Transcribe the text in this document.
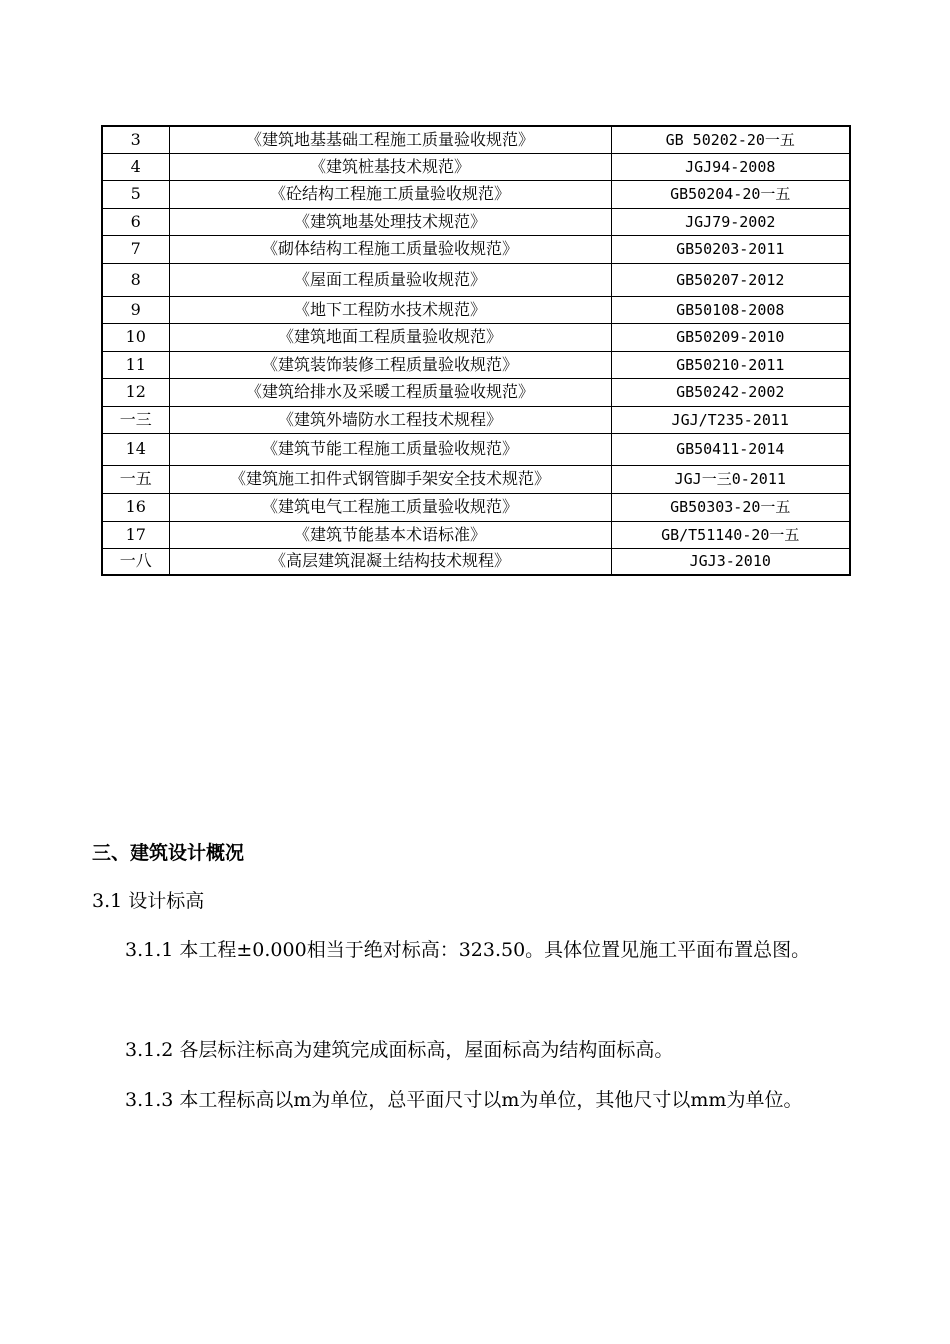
3	《建筑地基基础工程施工质量验收规范》	GB 50202-20一五
4	《建筑桩基技术规范》	JGJ94-2008
5	《砼结构工程施工质量验收规范》	GB50204-20一五
6	《建筑地基处理技术规范》	JGJ79-2002
7	《砌体结构工程施工质量验收规范》	GB50203-2011
8	《屋面工程质量验收规范》	GB50207-2012
9	《地下工程防水技术规范》	GB50108-2008
10	《建筑地面工程质量验收规范》	GB50209-2010
11	《建筑装饰装修工程质量验收规范》	GB50210-2011
12	《建筑给排水及采暖工程质量验收规范》	GB50242-2002
一三	《建筑外墙防水工程技术规程》	JGJ/T235-2011
14	《建筑节能工程施工质量验收规范》	GB50411-2014
一五	《建筑施工扣件式钢管脚手架安全技术规范》	JGJ一三0-2011
16	《建筑电气工程施工质量验收规范》	GB50303-20一五
17	《建筑节能基本术语标准》	GB/T51140-20一五
一八	《高层建筑混凝土结构技术规程》	JGJ3-2010
三、建筑设计概况

3.1 设计标高

3.1.1 本工程±0.000相当于绝对标高：323.50。具体位置见施工平面布置总图。

3.1.2 各层标注标高为建筑完成面标高，屋面标高为结构面标高。

3.1.3 本工程标高以m为单位，总平面尺寸以m为单位，其他尺寸以mm为单位。
